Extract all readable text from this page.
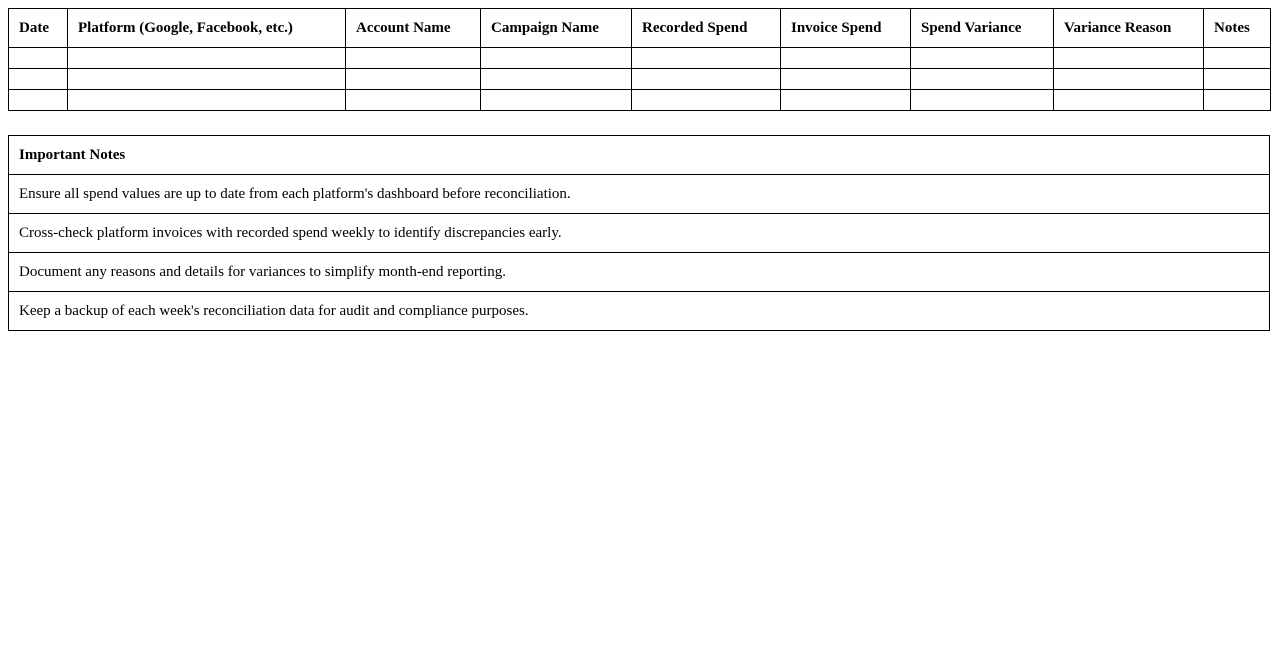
Date	Platform (Google, Facebook, etc.)	Account Name	Campaign Name	Recorded Spend	Invoice Spend	Spend Variance	Variance Reason	Notes

Important Notes
Ensure all spend values are up to date from each platform's dashboard before reconciliation.
Cross-check platform invoices with recorded spend weekly to identify discrepancies early.
Document any reasons and details for variances to simplify month-end reporting.
Keep a backup of each week's reconciliation data for audit and compliance purposes.
